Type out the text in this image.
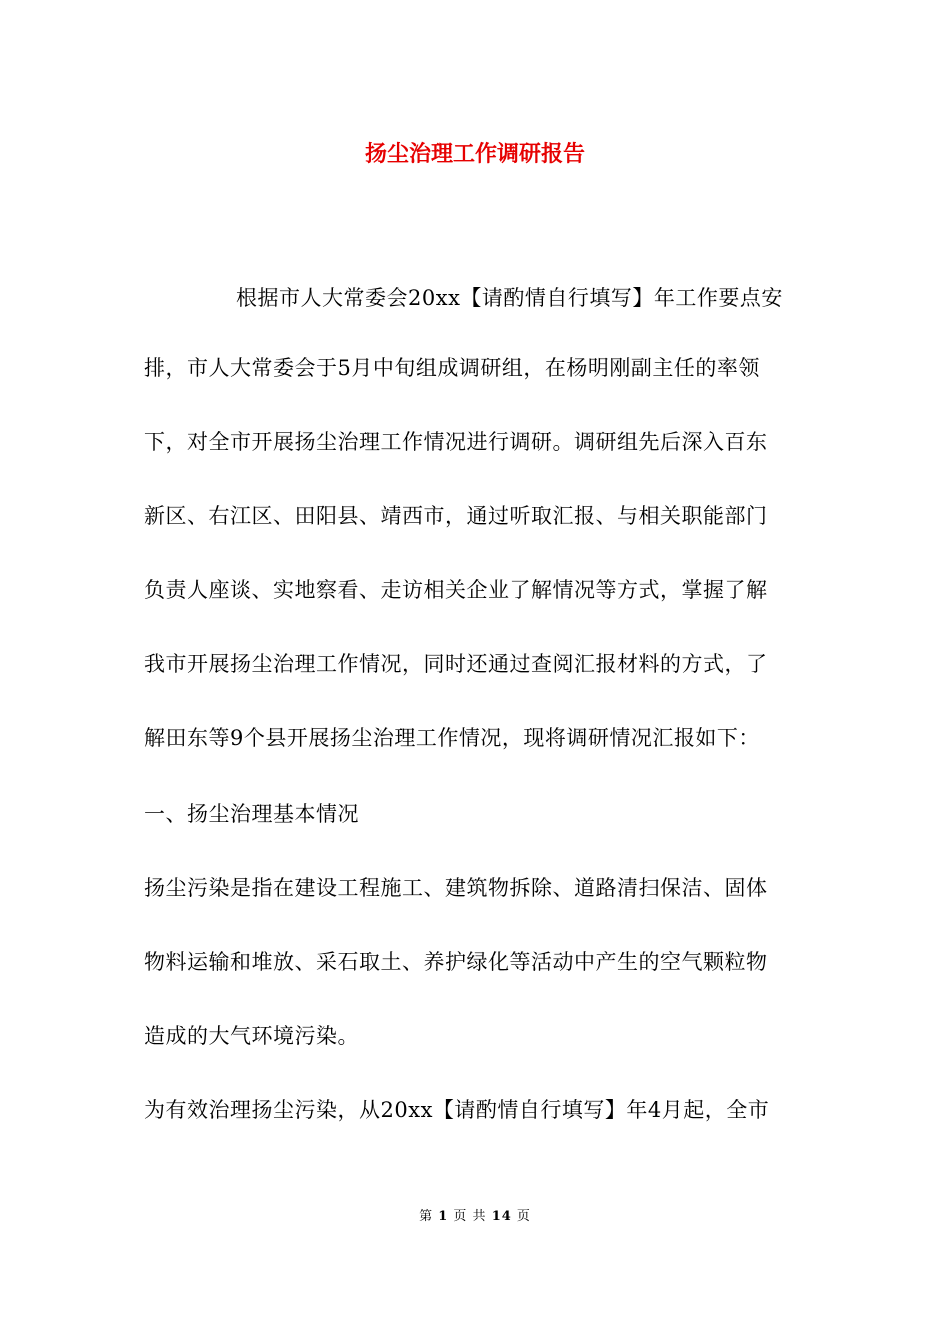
扬尘治理工作调研报告
根据市人大常委会20xx【请酌情自行填写】年工作要点安
排，市人大常委会于5月中旬组成调研组，在杨明刚副主任的率领
下，对全市开展扬尘治理工作情况进行调研。调研组先后深入百东
新区、右江区、田阳县、靖西市，通过听取汇报、与相关职能部门
负责人座谈、实地察看、走访相关企业了解情况等方式，掌握了解
我市开展扬尘治理工作情况，同时还通过查阅汇报材料的方式，了
解田东等9个县开展扬尘治理工作情况，现将调研情况汇报如下：
一、扬尘治理基本情况
扬尘污染是指在建设工程施工、建筑物拆除、道路清扫保洁、固体
物料运输和堆放、采石取土、养护绿化等活动中产生的空气颗粒物
造成的大气环境污染。
为有效治理扬尘污染，从20xx【请酌情自行填写】年4月起，全市
第 1 页 共 14 页
